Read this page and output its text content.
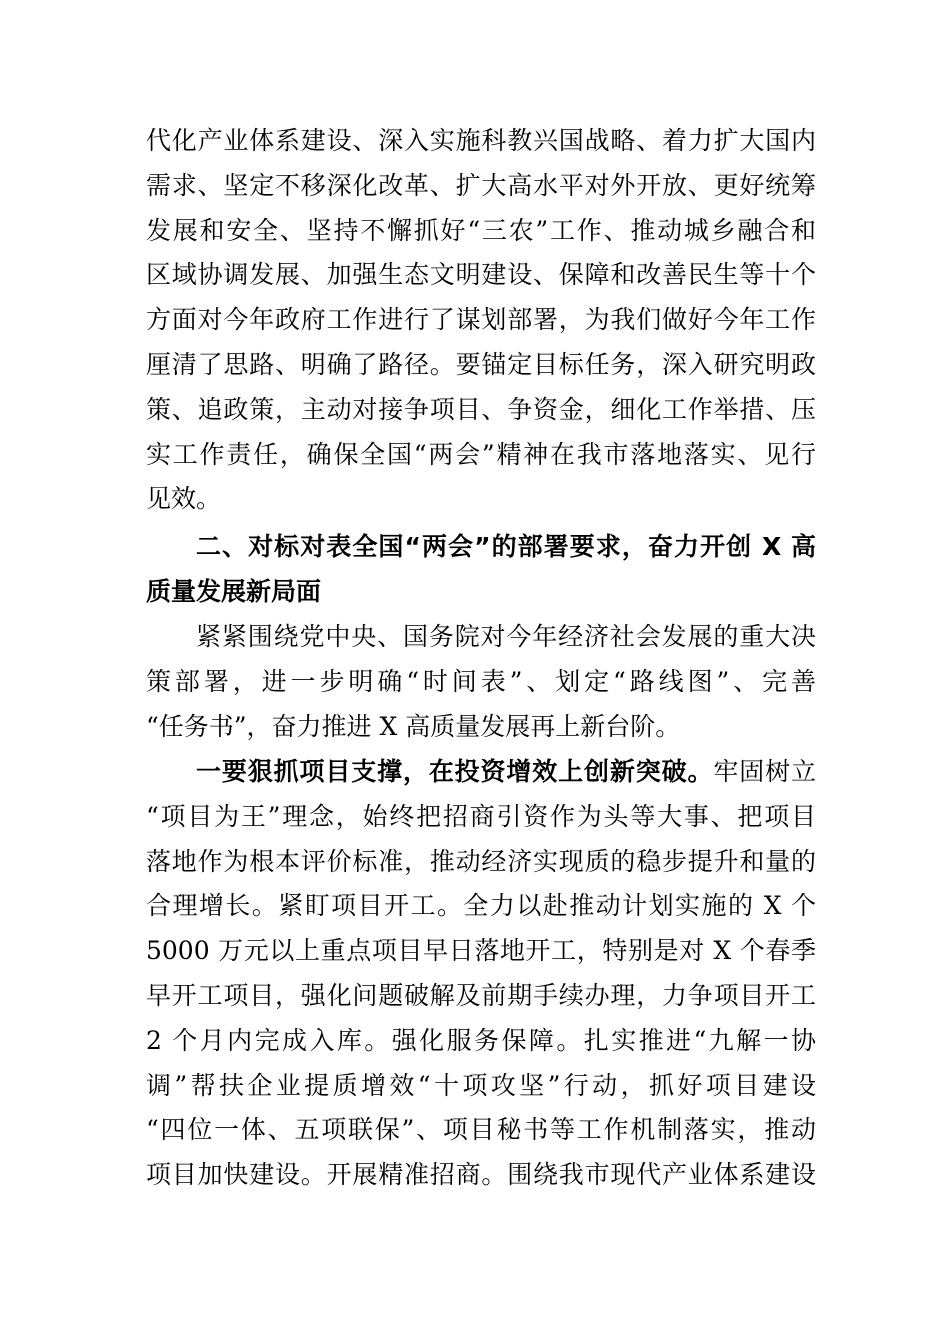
代化产业体系建设、深入实施科教兴国战略、着力扩大国内
需求、坚定不移深化改革、扩大高水平对外开放、更好统筹
发展和安全、坚持不懈抓好“三农”工作、推动城乡融合和
区域协调发展、加强生态文明建设、保障和改善民生等十个
方面对今年政府工作进行了谋划部署，为我们做好今年工作
厘清了思路、明确了路径。要锚定目标任务，深入研究明政
策、追政策，主动对接争项目、争资金，细化工作举措、压
实工作责任，确保全国“两会”精神在我市落地落实、见行
见效。
二、对标对表全国“两会”的部署要求，奋力开创 X 高
质量发展新局面
紧紧围绕党中央、国务院对今年经济社会发展的重大决
策部署，进一步明确“时间表”、划定“路线图”、完善
“任务书”，奋力推进 X 高质量发展再上新台阶。
一要狠抓项目支撑，在投资增效上创新突破。牢固树立
“项目为王”理念，始终把招商引资作为头等大事、把项目
落地作为根本评价标准，推动经济实现质的稳步提升和量的
合理增长。紧盯项目开工。全力以赴推动计划实施的 X 个
5000 万元以上重点项目早日落地开工，特别是对 X 个春季
早开工项目，强化问题破解及前期手续办理，力争项目开工
2 个月内完成入库。强化服务保障。扎实推进“九解一协
调”帮扶企业提质增效“十项攻坚”行动，抓好项目建设
“四位一体、五项联保”、项目秘书等工作机制落实，推动
项目加快建设。开展精准招商。围绕我市现代产业体系建设
